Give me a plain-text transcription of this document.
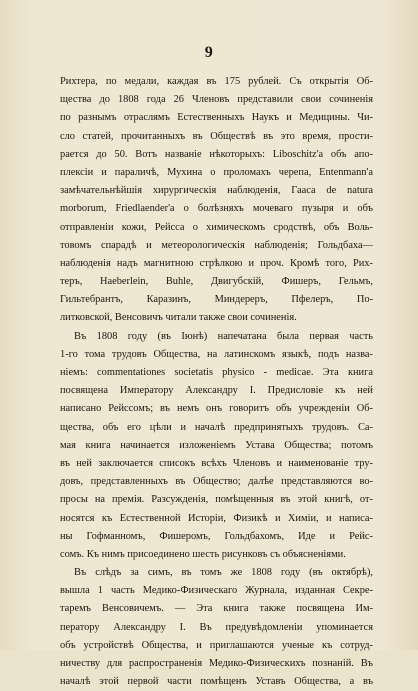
9
Рихтера, по медали, каждая въ 175 рублей. Съ открытія Об-
щества до 1808 года 26 Членовъ представили свои сочиненія
по разнымъ отраслямъ Естественныхъ Наукъ и Медицины. Чи-
сло статей, прочитанныхъ въ Обществѣ въ это время, прости-
рается до 50. Вотъ названіе нѣкоторыхъ: Liboschitz'а объ апо-
плексіи и параличѣ, Мухина о проломахъ черепа, Entenmann'а
замѣчательнѣйшія хирургическія наблюденія, Гааса de natura
morborum, Friedlaender'а о болѣзняхъ мочеваго пузыря и объ
отправленіи кожи, Рейсса о химическомъ сродствѣ, объ Воль-
товомъ спарадѣ и метеорологическія наблюденія; Гольдбаха—
наблюденія надъ магнитною стрѣлкою и проч. Кромѣ того, Рих-
теръ, Haeberlein, Buhle, Двигубскій, Фишеръ, Гельмъ,
Гильтебрантъ, Каразинъ, Миндереръ, Пфелеръ, По-
литковской, Венсовичъ читали также свои сочиненія.
Въ 1808 году (въ Іюнѣ) напечатана была первая часть
1-го тома трудовъ Общества, на латинскомъ языкѣ, подъ назва-
ніемъ: commentationes societatis physico - medicae. Эта книга
посвящена Императору Александру I. Предисловіе къ ней
написано Рейссомъ; въ немъ онъ говоритъ объ учрежденіи Об-
щества, объ его цѣли и началѣ предпринятыхъ трудовъ. Са-
мая книга начинается изложеніемъ Устава Общества; потомъ
въ ней заключается списокъ всѣхъ Членовъ и наименованіе тру-
довъ, представленныхъ въ Общество; далѣе представляются во-
просы на премія. Разсужденія, помѣщенныя въ этой книгѣ, от-
носятся къ Естественной Исторіи, Физикѣ и Химіи, и написа-
ны Гофманномъ, Фишеромъ, Гольдбахомъ, Иде и Рейс-
сомъ. Къ нимъ присоединено шесть рисунковъ съ объясненіями.
Въ слѣдъ за симъ, въ томъ же 1808 году (въ октябрѣ),
вышла 1 часть Медико-Физическаго Журнала, изданная Секре-
таремъ Венсовичемъ. — Эта книга также посвящена Им-
ператору Александру I. Въ предувѣдомленіи упоминается
объ устройствѣ Общества, и приглашаются ученые къ сотруд-
ничеству для распространенія Медико-Физическихъ познаній. Въ
началѣ этой первой части помѣщенъ Уставъ Общества, а въ
